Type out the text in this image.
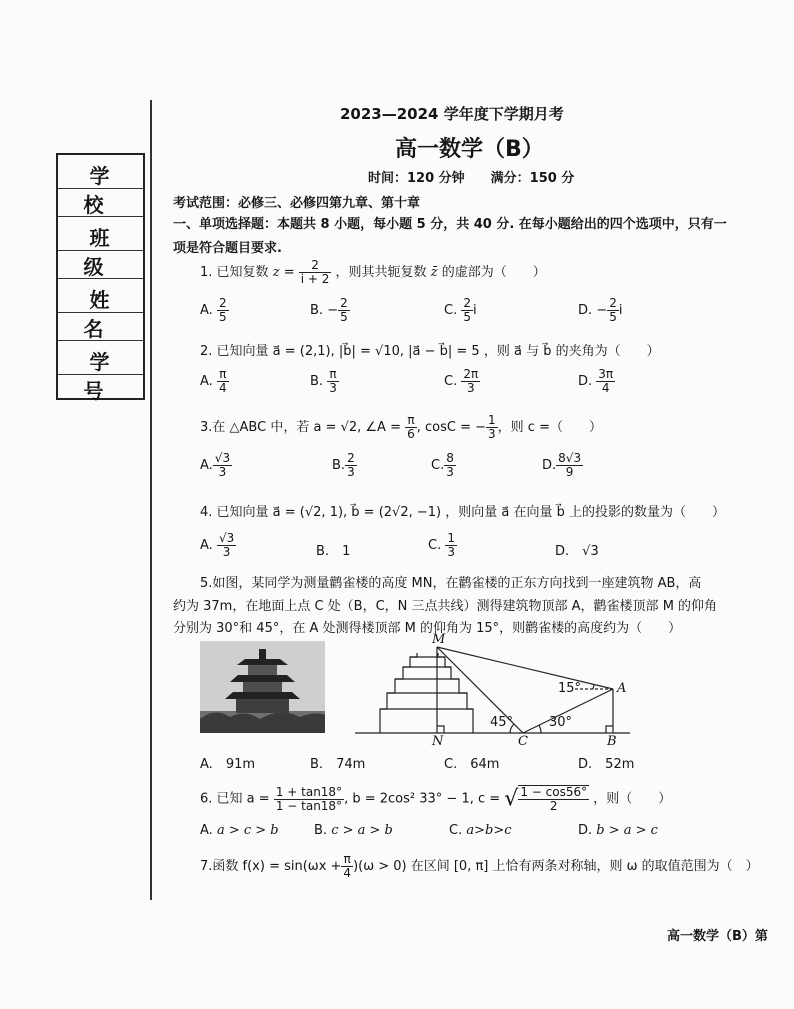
学 校
班 级
姓 名
学 号
2023—2024 学年度下学期月考
高一数学（B）
时间：120 分钟　　满分：150 分
考试范围：必修三、必修四第九章、第十章
一、单项选择题：本题共 8 小题，每小题 5 分，共 40 分. 在每小题给出的四个选项中，只有一
项是符合题目要求.
1. 已知复数 $z = \frac{2}{i + 2}$ ，则其共轭复数 z̄ 的虚部为（　　）
A. $\frac{2}{5}$	B. − $\frac{2}{5}$	C. $\frac{2}{5}$ i	D. − $\frac{2}{5}$ i
2. 已知向量 a⃗ = (2,1), |b⃗| = √10, |a⃗ − b⃗| = 5 ，则 a⃗ 与 b⃗ 的夹角为（　　）
A. $\frac{\pi}{4}$	B. $\frac{\pi}{3}$	C. $\frac{2\pi}{3}$	D. $\frac{3\pi}{4}$
3.在 △ABC 中，若 a = √2, ∠A = $\frac{\pi}{6}$ , cosC = − $\frac{1}{3}$ ，则 c =（　　）
A. $\frac{√3}{3}$	B. $\frac{2}{3}$	C. $\frac{8}{3}$	D. $\frac{8√3}{9}$
4. 已知向量 a⃗ = (√2, 1), b⃗ = (2√2, −1) ，则向量 a⃗ 在向量 b⃗ 上的投影的数量为（　　）
A. $\frac{√3}{3}$	B.　 1	C. $\frac{1}{3}$	D.　 √3
5.如图，某同学为测量鹳雀楼的高度 MN，在鹳雀楼的正东方向找到一座建筑物 AB，高
约为 37m，在地面上点 C 处（B，C，N 三点共线）测得建筑物顶部 A，鹳雀楼顶部 M 的仰角
分别为 30°和 45°，在 A 处测得楼顶部 M 的仰角为 15°，则鹳雀楼的高度约为（　　）
M
A
N	C	B
15°
45°	30°
A.　 91m	B.　 74m	C.　 64m	D.　 52m
6. 已知 $a = \frac{1 + \tan 18^\circ}{1 - \tan 18^\circ}$ , b = 2cos² 33° − 1, c = √ $\frac{1 - \cos 56^\circ}{2}$ ，则（　　）
A. a > c > b	B. c > a > b	C. a>b>c	D. b > a > c
7.函数 $f(x) = \sin(\omega x + \frac{\pi}{4} )(\omega > 0)$ 在区间 [0, π] 上恰有两条对称轴，则 ω 的取值范围为（　）
高一数学（B）第
